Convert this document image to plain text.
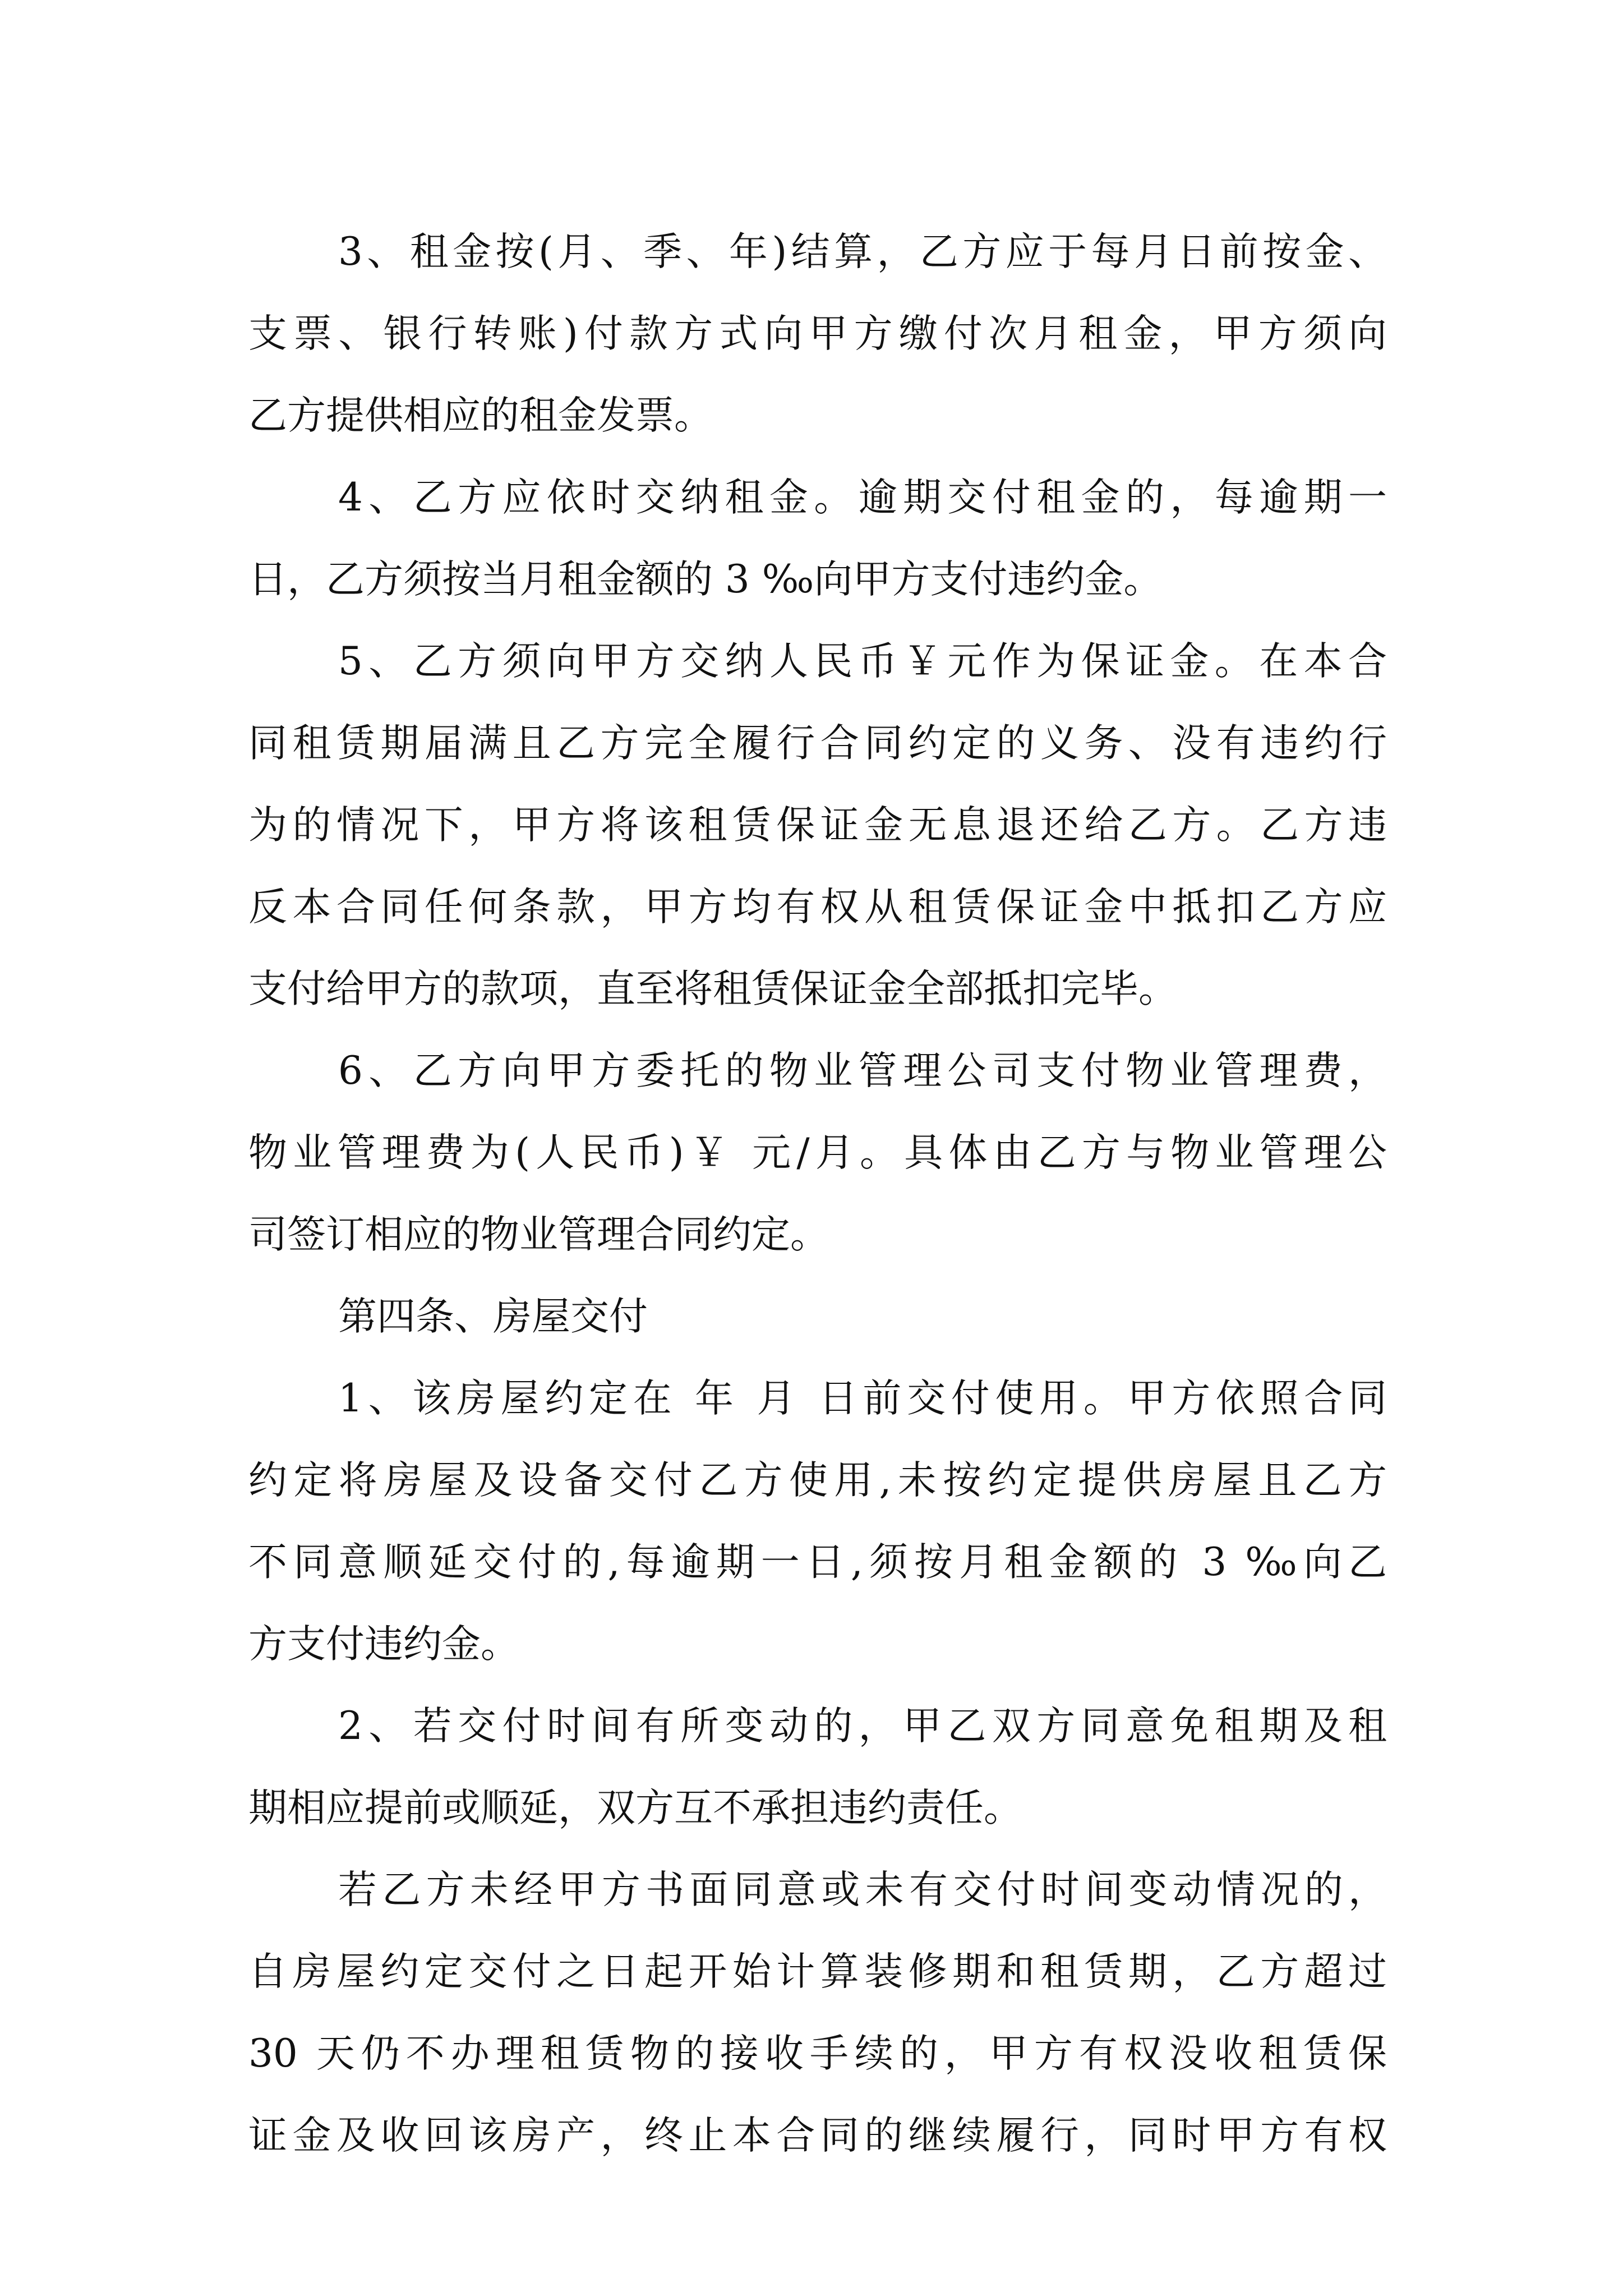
3、租金按(月、季、年)结算，乙方应于每月日前按金、
支票、银行转账)付款方式向甲方缴付次月租金，甲方须向
乙方提供相应的租金发票。
4、乙方应依时交纳租金。逾期交付租金的，每逾期一
日，乙方须按当月租金额的 3 ‰向甲方支付违约金。
5、乙方须向甲方交纳人民币￥元作为保证金。在本合
同租赁期届满且乙方完全履行合同约定的义务、没有违约行
为的情况下，甲方将该租赁保证金无息退还给乙方。乙方违
反本合同任何条款，甲方均有权从租赁保证金中抵扣乙方应
支付给甲方的款项，直至将租赁保证金全部抵扣完毕。
6、乙方向甲方委托的物业管理公司支付物业管理费，
物业管理费为(人民币)￥ 元/月。具体由乙方与物业管理公
司签订相应的物业管理合同约定。
第四条、房屋交付
1、该房屋约定在 年 月 日前交付使用。甲方依照合同
约定将房屋及设备交付乙方使用,未按约定提供房屋且乙方
不同意顺延交付的,每逾期一日,须按月租金额的 3 ‰向乙
方支付违约金。
2、若交付时间有所变动的，甲乙双方同意免租期及租
期相应提前或顺延，双方互不承担违约责任。
若乙方未经甲方书面同意或未有交付时间变动情况的，
自房屋约定交付之日起开始计算装修期和租赁期，乙方超过
30 天仍不办理租赁物的接收手续的，甲方有权没收租赁保
证金及收回该房产，终止本合同的继续履行，同时甲方有权
